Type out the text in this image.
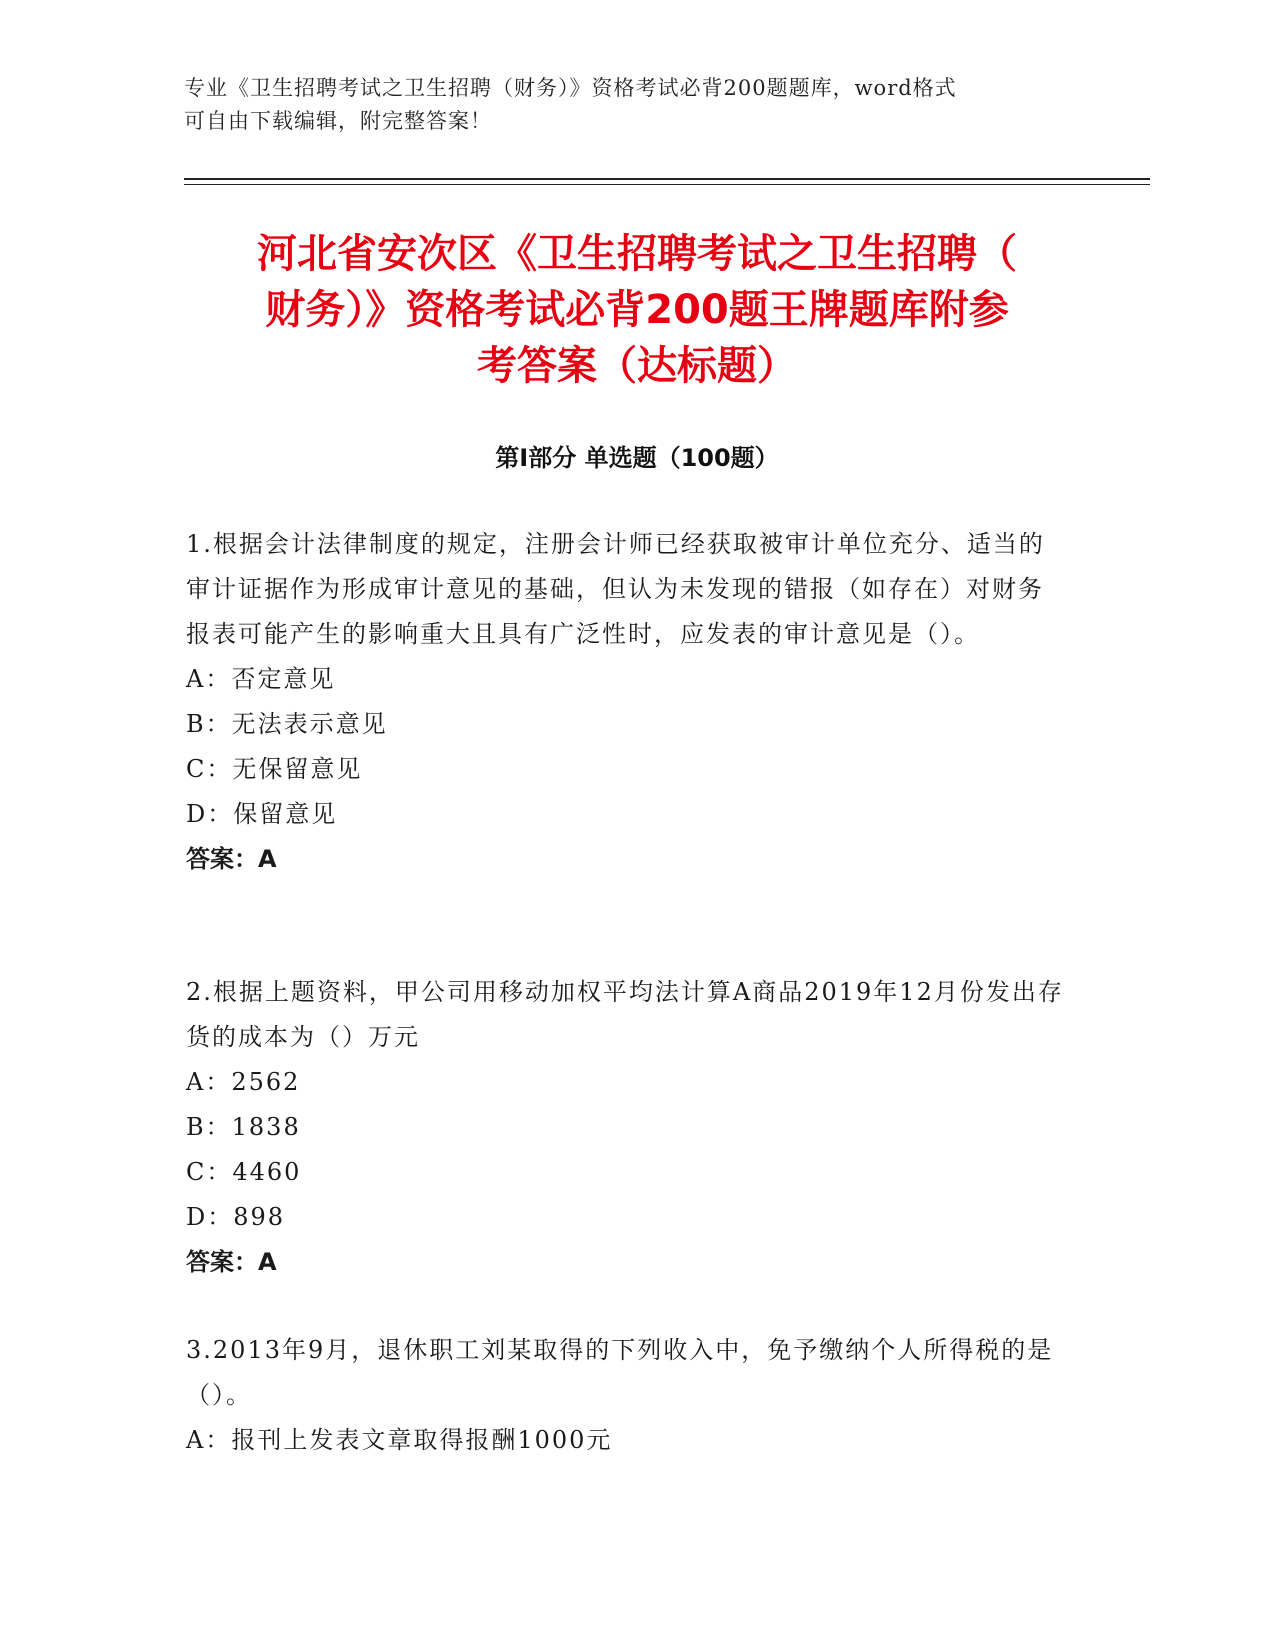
专业《卫生招聘考试之卫生招聘（财务）》资格考试必背200题题库，word格式
可自由下载编辑，附完整答案！
河北省安次区《卫生招聘考试之卫生招聘（
财务）》资格考试必背200题王牌题库附参
考答案（达标题）
第I部分 单选题（100题）

1.根据会计法律制度的规定，注册会计师已经获取被审计单位充分、适当的审计证据作为形成审计意见的基础，但认为未发现的错报（如存在）对财务报表可能产生的影响重大且具有广泛性时，应发表的审计意见是（）。

A：否定意见
B：无法表示意见
C：无保留意见
D：保留意见

答案：A

2.根据上题资料，甲公司用移动加权平均法计算A商品2019年12月份发出存货的成本为（）万元

A：2562
B：1838
C：4460
D：898

答案：A

3.2013年9月，退休职工刘某取得的下列收入中，免予缴纳个人所得税的是（）。

A：报刊上发表文章取得报酬1000元
